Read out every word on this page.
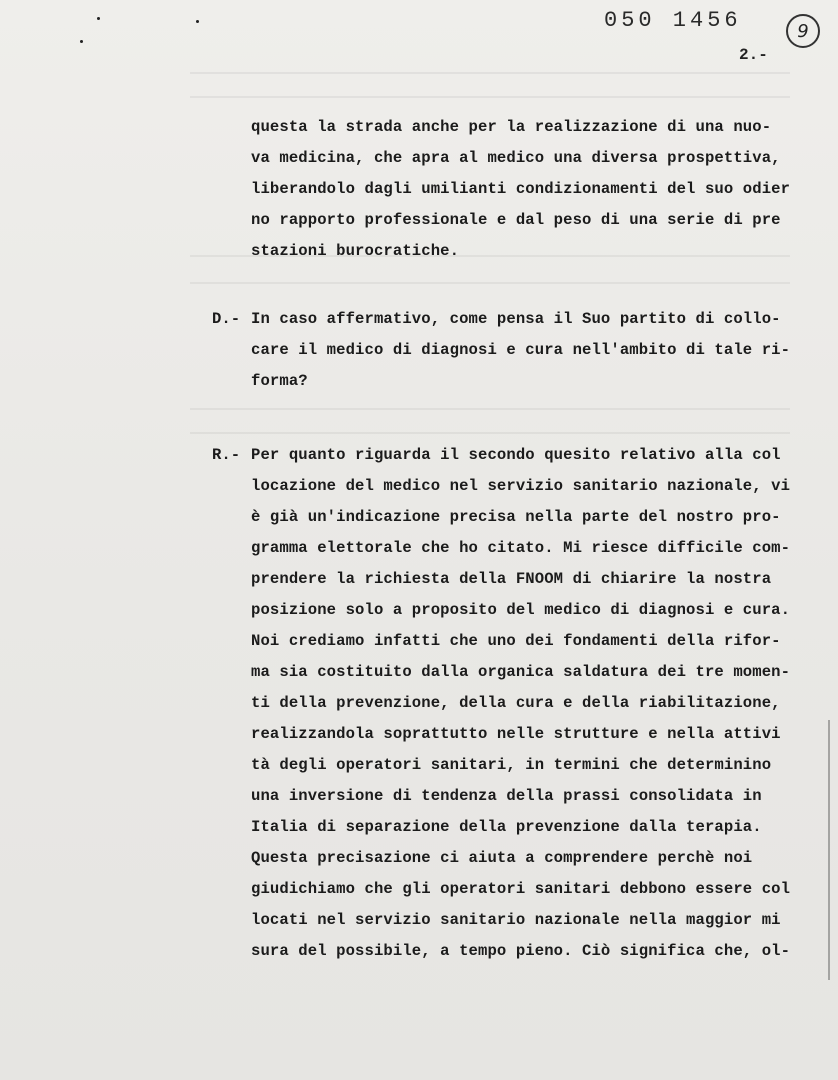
050 1456	9
2.-
questa la strada anche per la realizzazione di una nuo-
va medicina, che apra al medico una diversa prospettiva,
liberandolo dagli umilianti condizionamenti del suo odier
no rapporto professionale e dal peso di una serie di pre
stazioni burocratiche.
D.- In caso affermativo, come pensa il Suo partito di collo-
care il medico di diagnosi e cura nell'ambito di tale ri-
forma?
R.- Per quanto riguarda il secondo quesito relativo alla col
locazione del medico nel servizio sanitario nazionale, vi
è già un'indicazione precisa nella parte del nostro pro-
gramma elettorale che ho citato. Mi riesce difficile com-
prendere la richiesta della FNOOM di chiarire la nostra
posizione solo a proposito del medico di diagnosi e cura.
Noi crediamo infatti che uno dei fondamenti della rifor-
ma sia costituito dalla organica saldatura dei tre momen-
ti della prevenzione, della cura e della riabilitazione,
realizzandola soprattutto nelle strutture e nella attivi
tà degli operatori sanitari, in termini che determinino
una inversione di tendenza della prassi consolidata in
Italia di separazione della prevenzione dalla terapia.
Questa precisazione ci aiuta a comprendere perchè noi
giudichiamo che gli operatori sanitari debbono essere col
locati nel servizio sanitario nazionale nella maggior mi
sura del possibile, a tempo pieno. Ciò significa che, ol-
